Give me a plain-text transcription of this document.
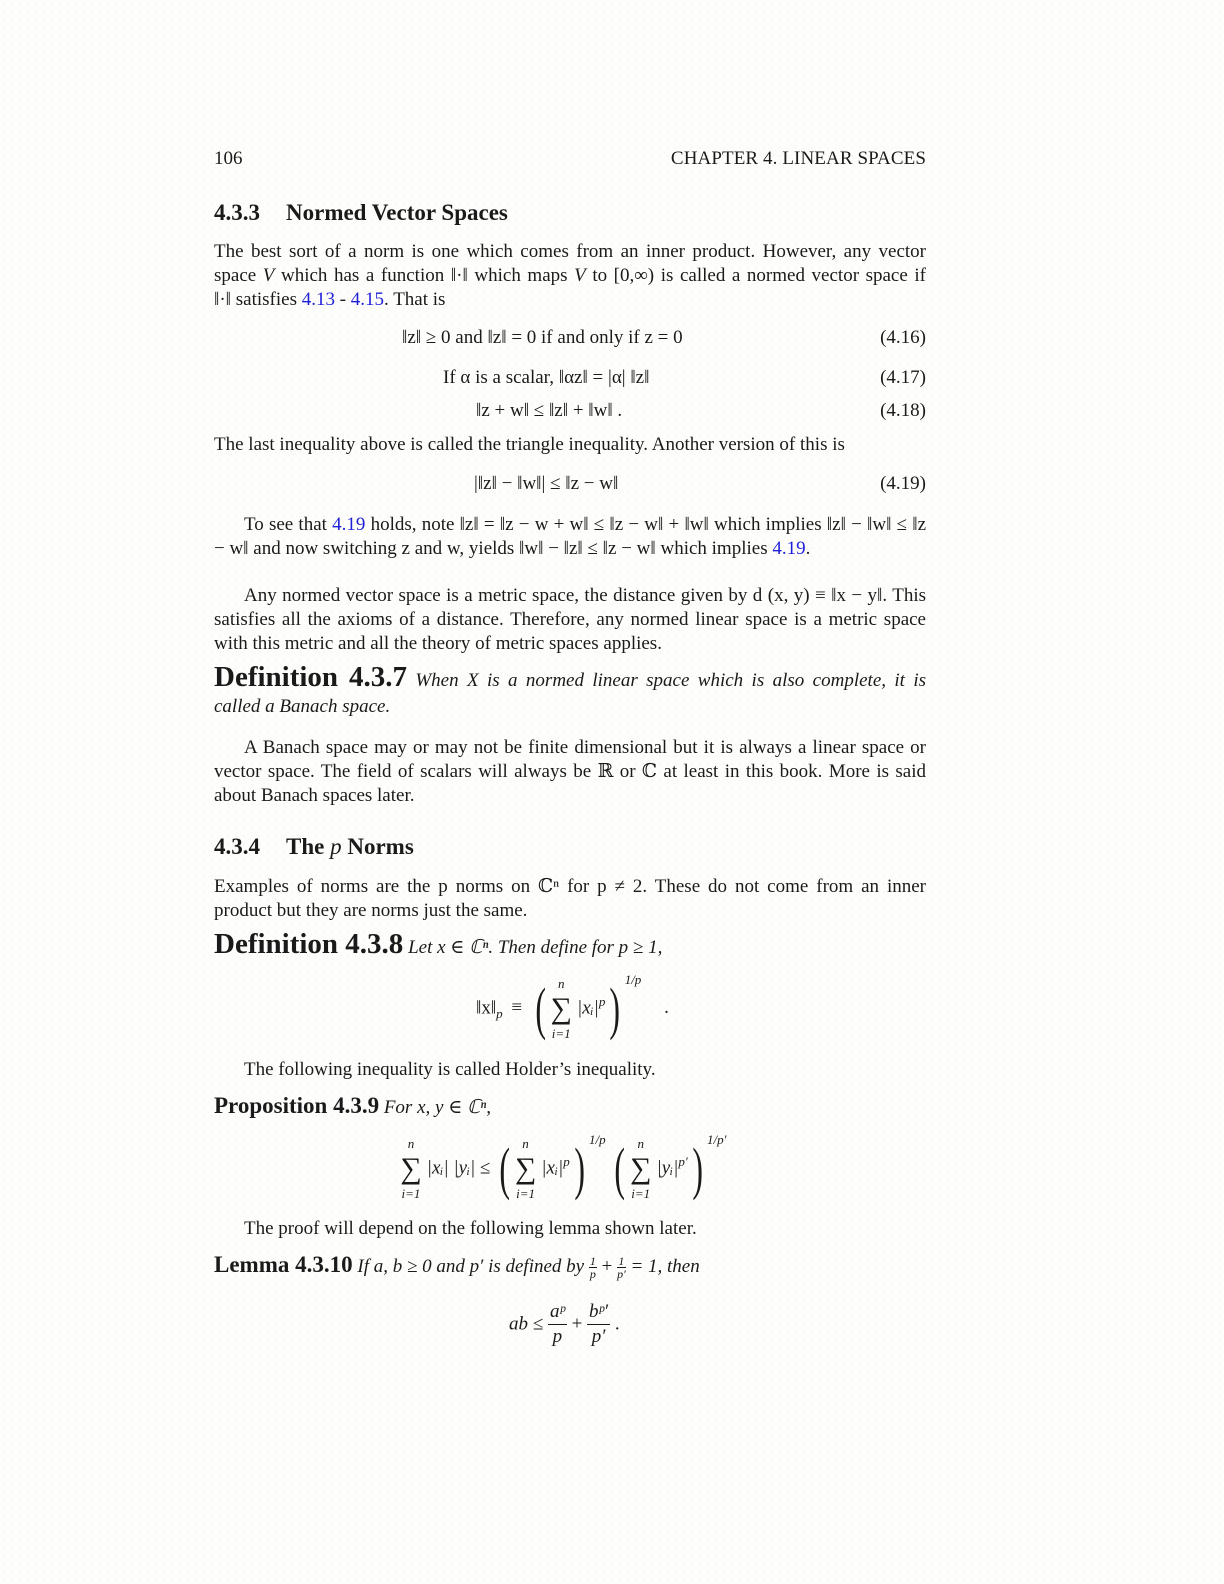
106	CHAPTER 4. LINEAR SPACES
4.3.3 Normed Vector Spaces

The best sort of a norm is one which comes from an inner product. However, any vector

space V which has a function ‖·‖ which maps V to [0,∞) is called a normed vector space if

‖·‖ satisfies 4.13 - 4.15. That is

‖z‖ ≥ 0 and ‖z‖ = 0 if and only if z = 0	(4.16)
If α is a scalar, ‖αz‖ = |α| ‖z‖	(4.17)
‖z + w‖ ≤ ‖z‖ + ‖w‖ .	(4.18)

The last inequality above is called the triangle inequality. Another version of this is

|‖z‖ − ‖w‖| ≤ ‖z − w‖	(4.19)

To see that 4.19 holds, note ‖z‖ = ‖z − w + w‖ ≤ ‖z − w‖ + ‖w‖ which implies ‖z‖ − ‖w‖ ≤ ‖z − w‖ and now switching z and w, yields ‖w‖ − ‖z‖ ≤ ‖z − w‖ which implies 4.19.

Any normed vector space is a metric space, the distance given by d (x, y) ≡ ‖x − y‖. This satisfies all the axioms of a distance. Therefore, any normed linear space is a metric space with this metric and all the theory of metric spaces applies.

Definition 4.3.7 When X is a normed linear space which is also complete, it is called a Banach space.

A Banach space may or may not be finite dimensional but it is always a linear space or vector space. The field of scalars will always be ℝ or ℂ at least in this book. More is said about Banach spaces later.

4.3.4 The p Norms

Examples of norms are the p norms on ℂⁿ for p ≠ 2. These do not come from an inner product but they are norms just the same.

Definition 4.3.8 Let x ∈ ℂⁿ. Then define for p ≥ 1,

$‖x‖_p$ ≡ ( n
∑
i=1
$|xᵢ|^p$) $^{1/p}$ .

The following inequality is called Holder’s inequality.

Proposition 4.3.9 For x, y ∈ ℂⁿ,

n
∑
i=1
|xᵢ| |yᵢ| ≤ ( n
∑
i=1
$|xᵢ|^p$) $^{1/p}$ ( n
∑
i=1
$|yᵢ|^{p'}$) $^{1/p'}$

The proof will depend on the following lemma shown later.

Lemma 4.3.10 If a, b ≥ 0 and p′ is defined by $\frac{1}{p} + \frac{1}{p'} = 1$, then

ab ≤ $\frac{\text{aᵖ}}{p} + \frac{\text{bᵖ′}}{p'}$ .
